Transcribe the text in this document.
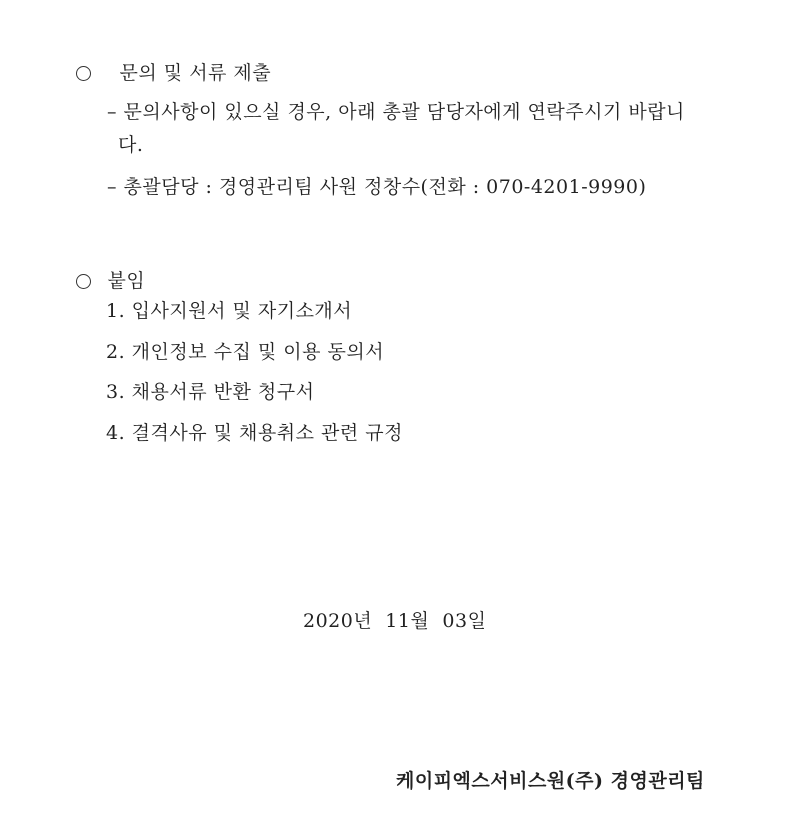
문의 및 서류 제출
– 문의사항이 있으실 경우, 아래 총괄 담당자에게 연락주시기 바랍니
다.
– 총괄담당 : 경영관리팀 사원 정창수(전화 : 070-4201-9990)
붙임
1. 입사지원서 및 자기소개서
2. 개인정보 수집 및 이용 동의서
3. 채용서류 반환 청구서
4. 결격사유 및 채용취소 관련 규정
2020년  11월  03일
케이피엑스서비스원(주) 경영관리팀
